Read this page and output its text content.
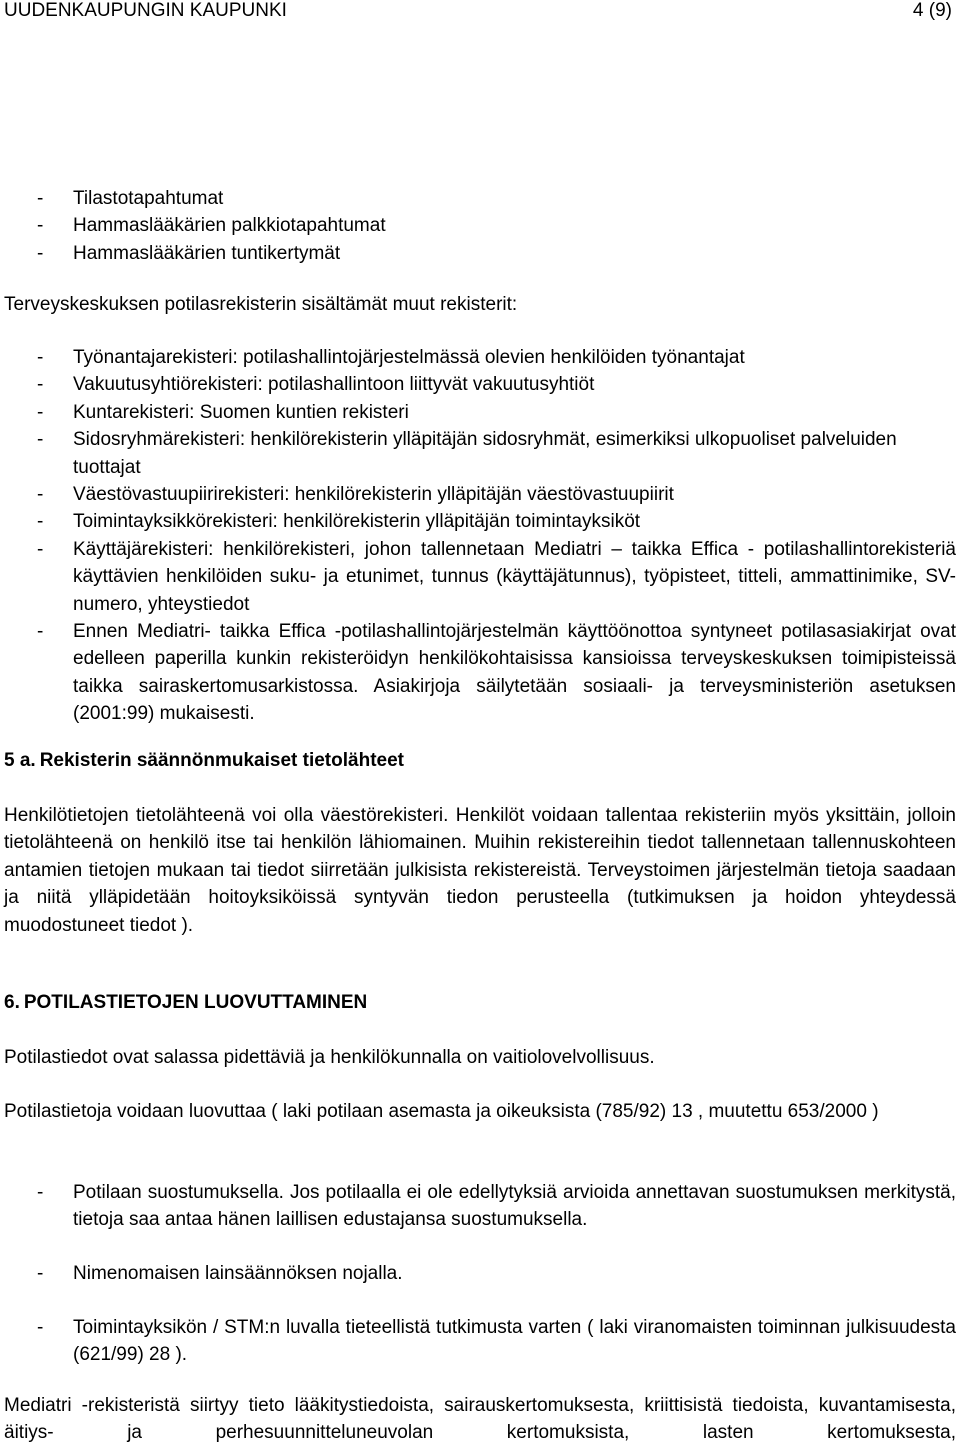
UUDENKAUPUNGIN KAUPUNKI	4 (9)
- Tilastotapahtumat
- Hammaslääkärien palkkiotapahtumat
- Hammaslääkärien tuntikertymät

Terveyskeskuksen potilasrekisterin sisältämät muut rekisterit:

- Työnantajarekisteri: potilashallintojärjestelmässä olevien henkilöiden työnantajat
- Vakuutusyhtiörekisteri: potilashallintoon liittyvät vakuutusyhtiöt
- Kuntarekisteri: Suomen kuntien rekisteri
- Sidosryhmärekisteri: henkilörekisterin ylläpitäjän sidosryhmät, esimerkiksi ulkopuoliset palveluiden tuottajat
- Väestövastuupiirirekisteri: henkilörekisterin ylläpitäjän väestövastuupiirit
- Toimintayksikkörekisteri: henkilörekisterin ylläpitäjän toimintayksiköt
- Käyttäjärekisteri: henkilörekisteri, johon tallennetaan Mediatri – taikka Effica - potilashallintorekisteriä käyttävien henkilöiden suku- ja etunimet, tunnus (käyttäjätunnus), työpisteet, titteli, ammattinimike, SV-numero, yhteystiedot
- Ennen Mediatri- taikka Effica -potilashallintojärjestelmän käyttöönottoa syntyneet potilasasiakirjat ovat edelleen paperilla kunkin rekisteröidyn henkilökohtaisissa kansioissa terveyskeskuksen toimipisteissä taikka sairaskertomusarkistossa. Asiakirjoja säilytetään sosiaali- ja terveysministeriön asetuksen (2001:99) mukaisesti.
5 a. Rekisterin säännönmukaiset tietolähteet

Henkilötietojen tietolähteenä voi olla väestörekisteri. Henkilöt voidaan tallentaa rekisteriin myös yksittäin, jolloin tietolähteenä on henkilö itse tai henkilön lähiomainen. Muihin rekistereihin tiedot tallennetaan tallennuskohteen antamien tietojen mukaan tai tiedot siirretään julkisista rekistereistä. Terveystoimen järjestelmän tietoja saadaan ja niitä ylläpidetään hoitoyksiköissä syntyvän tiedon perusteella (tutkimuksen ja hoidon yhteydessä muodostuneet tiedot ).

6. POTILASTIETOJEN LUOVUTTAMINEN

Potilastiedot ovat salassa pidettäviä ja henkilökunnalla on vaitiolovelvollisuus.

Potilastietoja voidaan luovuttaa ( laki potilaan asemasta ja oikeuksista (785/92) 13 , muutettu 653/2000 )

- Potilaan suostumuksella. Jos potilaalla ei ole edellytyksiä arvioida annettavan suostumuksen merkitystä, tietoja saa antaa hänen laillisen edustajansa suostumuksella.
- Nimenomaisen lainsäännöksen nojalla.
- Toimintayksikön / STM:n luvalla tieteellistä tutkimusta varten ( laki viranomaisten toiminnan julkisuudesta (621/99) 28 ).

Mediatri -rekisteristä siirtyy tieto lääkitystiedoista, sairauskertomuksesta, kriittisistä tiedoista, kuvantamisesta, äitiys- ja perhesuunnitteluneuvolan kertomuksista, lasten kertomuksesta,
